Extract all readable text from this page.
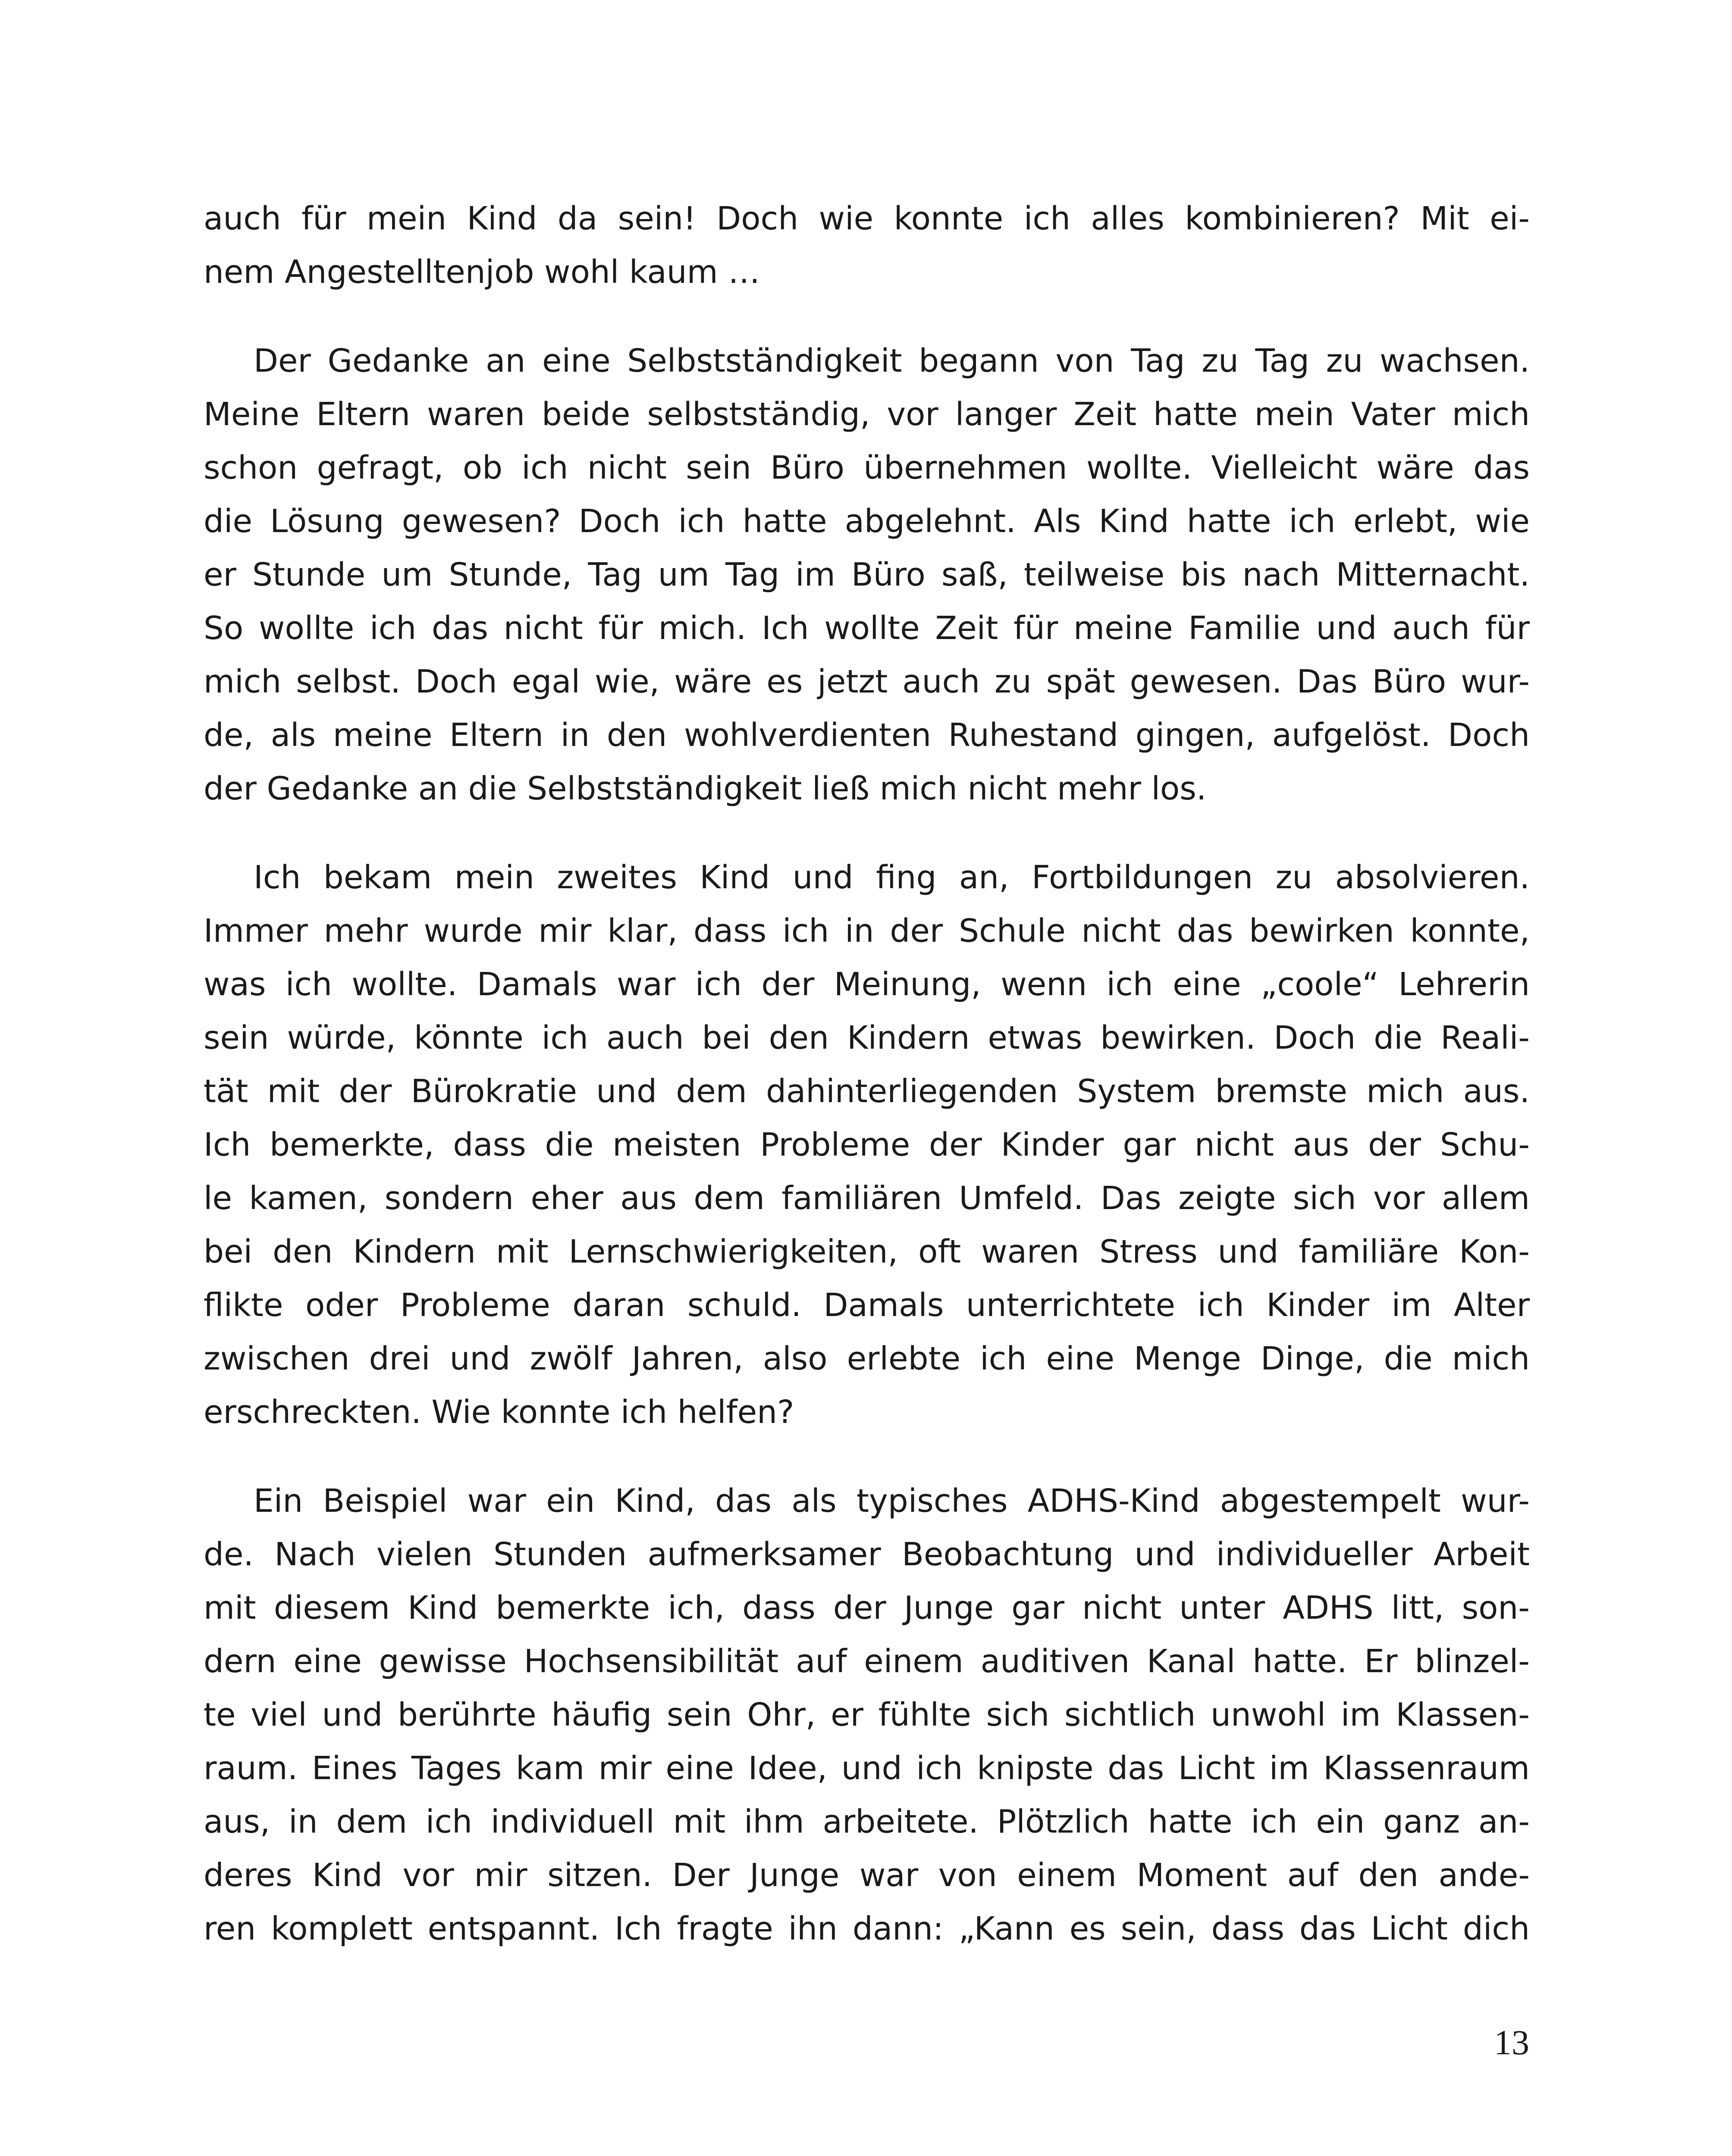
auch für mein Kind da sein! Doch wie konnte ich alles kombinieren? Mit ei-
nem Angestelltenjob wohl kaum …
Der Gedanke an eine Selbstständigkeit begann von Tag zu Tag zu wachsen.
Meine Eltern waren beide selbstständig, vor langer Zeit hatte mein Vater mich
schon gefragt, ob ich nicht sein Büro übernehmen wollte. Vielleicht wäre das
die Lösung gewesen? Doch ich hatte abgelehnt. Als Kind hatte ich erlebt, wie
er Stunde um Stunde, Tag um Tag im Büro saß, teilweise bis nach Mitternacht.
So wollte ich das nicht für mich. Ich wollte Zeit für meine Familie und auch für
mich selbst. Doch egal wie, wäre es jetzt auch zu spät gewesen. Das Büro wur-
de, als meine Eltern in den wohlverdienten Ruhestand gingen, aufgelöst. Doch
der Gedanke an die Selbstständigkeit ließ mich nicht mehr los.
Ich bekam mein zweites Kind und fing an, Fortbildungen zu absolvieren.
Immer mehr wurde mir klar, dass ich in der Schule nicht das bewirken konnte,
was ich wollte. Damals war ich der Meinung, wenn ich eine „coole“ Lehrerin
sein würde, könnte ich auch bei den Kindern etwas bewirken. Doch die Reali-
tät mit der Bürokratie und dem dahinterliegenden System bremste mich aus.
Ich bemerkte, dass die meisten Probleme der Kinder gar nicht aus der Schu-
le kamen, sondern eher aus dem familiären Umfeld. Das zeigte sich vor allem
bei den Kindern mit Lernschwierigkeiten, oft waren Stress und familiäre Kon-
flikte oder Probleme daran schuld. Damals unterrichtete ich Kinder im Alter
zwischen drei und zwölf Jahren, also erlebte ich eine Menge Dinge, die mich
erschreckten. Wie konnte ich helfen?
Ein Beispiel war ein Kind, das als typisches ADHS-Kind abgestempelt wur-
de. Nach vielen Stunden aufmerksamer Beobachtung und individueller Arbeit
mit diesem Kind bemerkte ich, dass der Junge gar nicht unter ADHS litt, son-
dern eine gewisse Hochsensibilität auf einem auditiven Kanal hatte. Er blinzel-
te viel und berührte häufig sein Ohr, er fühlte sich sichtlich unwohl im Klassen-
raum. Eines Tages kam mir eine Idee, und ich knipste das Licht im Klassenraum
aus, in dem ich individuell mit ihm arbeitete. Plötzlich hatte ich ein ganz an-
deres Kind vor mir sitzen. Der Junge war von einem Moment auf den ande-
ren komplett entspannt. Ich fragte ihn dann: „Kann es sein, dass das Licht dich
13
